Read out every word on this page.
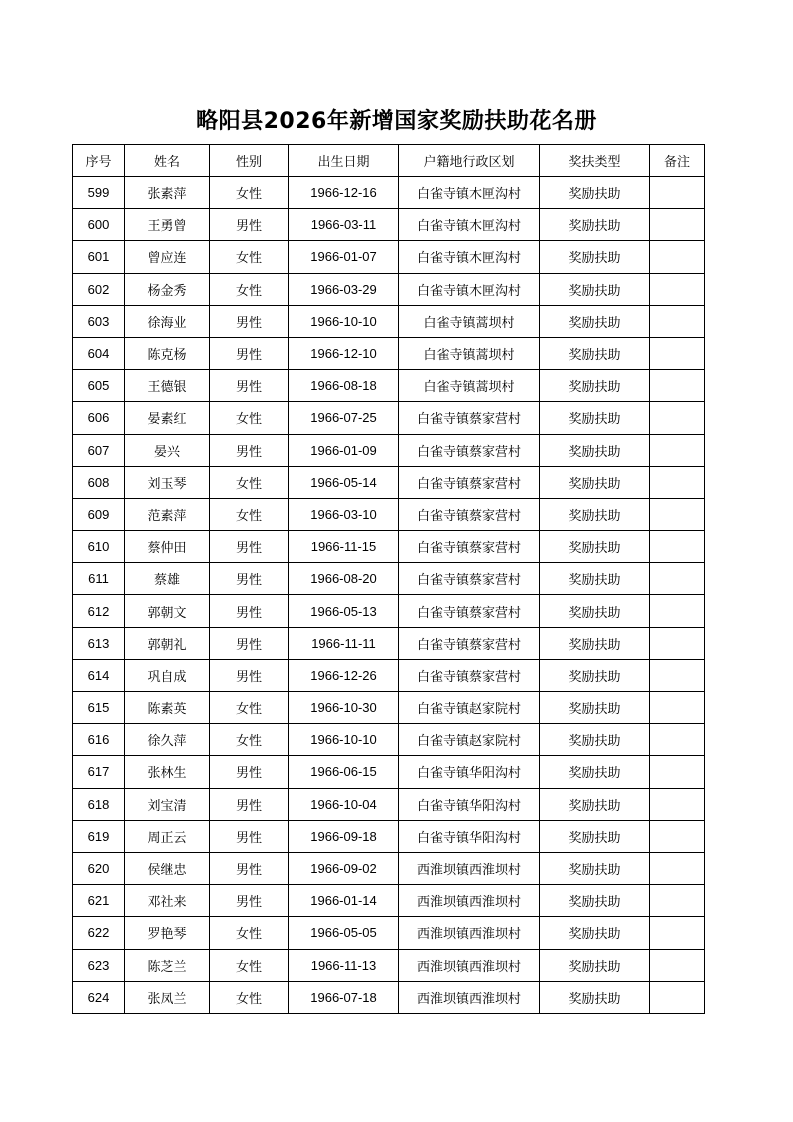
略阳县2026年新增国家奖励扶助花名册
序号	姓名	性别	出生日期	户籍地行政区划	奖扶类型	备注
599	张素萍	女性	1966-12-16	白雀寺镇木匣沟村	奖励扶助	
600	王勇曾	男性	1966-03-11	白雀寺镇木匣沟村	奖励扶助	
601	曾应连	女性	1966-01-07	白雀寺镇木匣沟村	奖励扶助	
602	杨金秀	女性	1966-03-29	白雀寺镇木匣沟村	奖励扶助	
603	徐海业	男性	1966-10-10	白雀寺镇蒿坝村	奖励扶助	
604	陈克杨	男性	1966-12-10	白雀寺镇蒿坝村	奖励扶助	
605	王德银	男性	1966-08-18	白雀寺镇蒿坝村	奖励扶助	
606	晏素红	女性	1966-07-25	白雀寺镇蔡家营村	奖励扶助	
607	晏兴	男性	1966-01-09	白雀寺镇蔡家营村	奖励扶助	
608	刘玉琴	女性	1966-05-14	白雀寺镇蔡家营村	奖励扶助	
609	范素萍	女性	1966-03-10	白雀寺镇蔡家营村	奖励扶助	
610	蔡仲田	男性	1966-11-15	白雀寺镇蔡家营村	奖励扶助	
611	蔡雄	男性	1966-08-20	白雀寺镇蔡家营村	奖励扶助	
612	郭朝文	男性	1966-05-13	白雀寺镇蔡家营村	奖励扶助	
613	郭朝礼	男性	1966-11-11	白雀寺镇蔡家营村	奖励扶助	
614	巩自成	男性	1966-12-26	白雀寺镇蔡家营村	奖励扶助	
615	陈素英	女性	1966-10-30	白雀寺镇赵家院村	奖励扶助	
616	徐久萍	女性	1966-10-10	白雀寺镇赵家院村	奖励扶助	
617	张林生	男性	1966-06-15	白雀寺镇华阳沟村	奖励扶助	
618	刘宝清	男性	1966-10-04	白雀寺镇华阳沟村	奖励扶助	
619	周正云	男性	1966-09-18	白雀寺镇华阳沟村	奖励扶助	
620	侯继忠	男性	1966-09-02	西淮坝镇西淮坝村	奖励扶助	
621	邓社来	男性	1966-01-14	西淮坝镇西淮坝村	奖励扶助	
622	罗艳琴	女性	1966-05-05	西淮坝镇西淮坝村	奖励扶助	
623	陈芝兰	女性	1966-11-13	西淮坝镇西淮坝村	奖励扶助	
624	张凤兰	女性	1966-07-18	西淮坝镇西淮坝村	奖励扶助	
